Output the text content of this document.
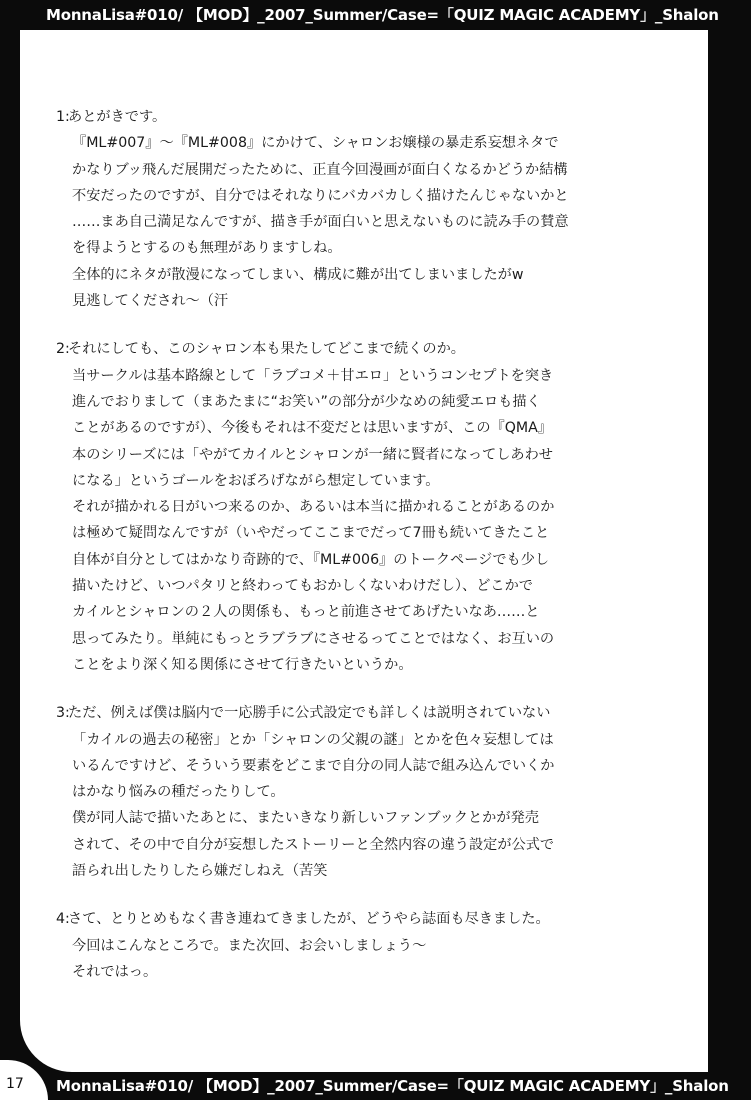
MonnaLisa#010/ 【MOD】_2007_Summer/Case=「QUIZ MAGIC ACADEMY」_Shalon
1:
あとがきです。
『ML#007』～『ML#008』にかけて、シャロンお嬢様の暴走系妄想ネタで
かなりブッ飛んだ展開だったために、正直今回漫画が面白くなるかどうか結構
不安だったのですが、自分ではそれなりにバカバカしく描けたんじゃないかと
……まあ自己満足なんですが、描き手が面白いと思えないものに読み手の賛意
を得ようとするのも無理がありますしね。
全体的にネタが散漫になってしまい、構成に難が出てしまいましたがw
見逃してくだされ～（汗
2:
それにしても、このシャロン本も果たしてどこまで続くのか。
当サークルは基本路線として「ラブコメ＋甘エロ」というコンセプトを突き
進んでおりまして（まあたまに“お笑い”の部分が少なめの純愛エロも描く
ことがあるのですが）、今後もそれは不変だとは思いますが、この『QMA』
本のシリーズには「やがてカイルとシャロンが一緒に賢者になってしあわせ
になる」というゴールをおぼろげながら想定しています。
それが描かれる日がいつ来るのか、あるいは本当に描かれることがあるのか
は極めて疑問なんですが（いやだってここまでだって7冊も続いてきたこと
自体が自分としてはかなり奇跡的で、『ML#006』のトークページでも少し
描いたけど、いつパタリと終わってもおかしくないわけだし）、どこかで
カイルとシャロンの２人の関係も、もっと前進させてあげたいなあ……と
思ってみたり。単純にもっとラブラブにさせるってことではなく、お互いの
ことをより深く知る関係にさせて行きたいというか。
3:
ただ、例えば僕は脳内で一応勝手に公式設定でも詳しくは説明されていない
「カイルの過去の秘密」とか「シャロンの父親の謎」とかを色々妄想しては
いるんですけど、そういう要素をどこまで自分の同人誌で組み込んでいくか
はかなり悩みの種だったりして。
僕が同人誌で描いたあとに、またいきなり新しいファンブックとかが発売
されて、その中で自分が妄想したストーリーと全然内容の違う設定が公式で
語られ出したりしたら嫌だしねえ（苦笑
4:
さて、とりとめもなく書き連ねてきましたが、どうやら誌面も尽きました。
今回はこんなところで。また次回、お会いしましょう～
それではっ。
17 MonnaLisa#010/ 【MOD】_2007_Summer/Case=「QUIZ MAGIC ACADEMY」_Shalon
